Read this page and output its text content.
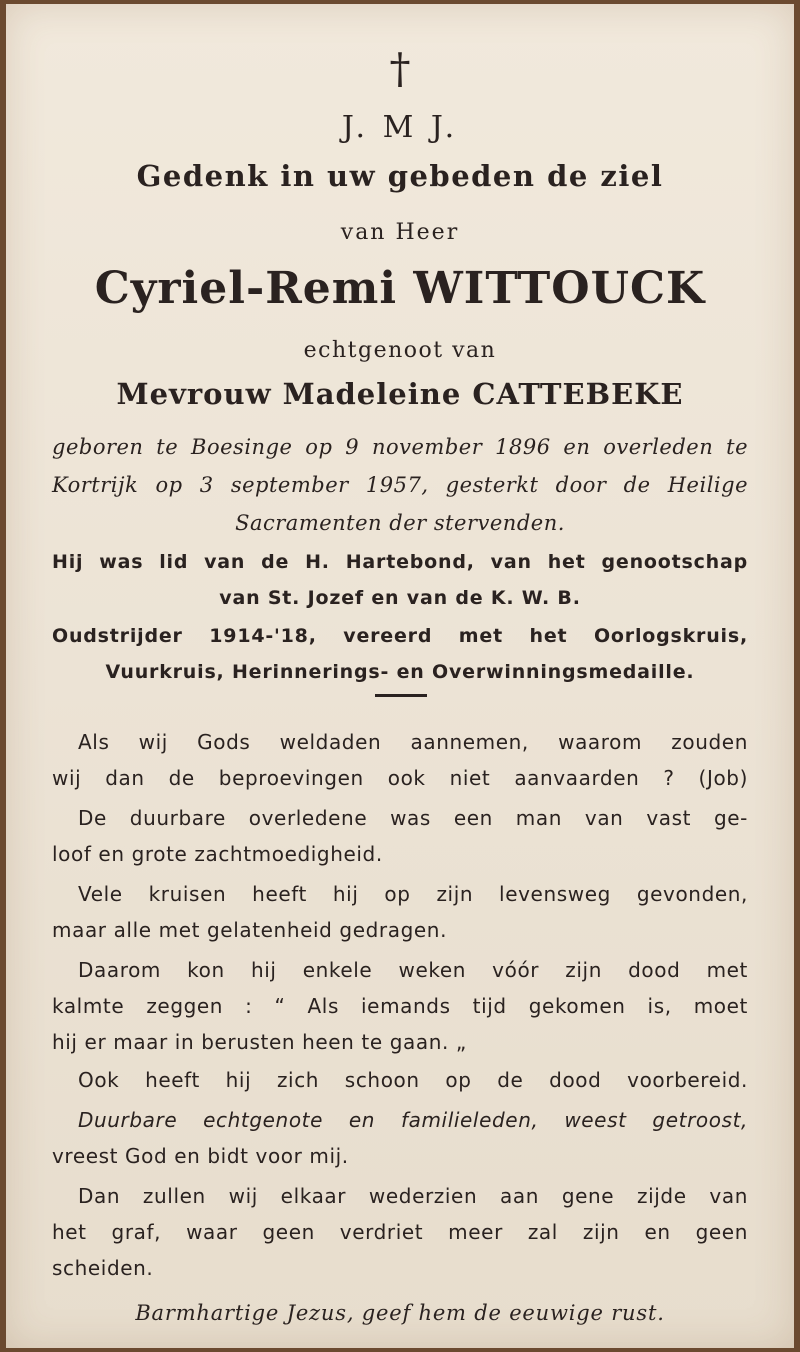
†
J. M J.
Gedenk in uw gebeden de ziel
van Heer
Cyriel-Remi WITTOUCK
echtgenoot van
Mevrouw Madeleine CATTEBEKE
geboren te Boesinge op 9 november 1896 en overleden te
Kortrijk op 3 september 1957, gesterkt door de Heilige
Sacramenten der stervenden.
Hij was lid van de H. Hartebond, van het genootschap
van St. Jozef en van de K. W. B.
Oudstrijder 1914-'18, vereerd met het Oorlogskruis,
Vuurkruis, Herinnerings- en Overwinningsmedaille.
Als wij Gods weldaden aannemen, waarom zouden
wij dan de beproevingen ook niet aanvaarden ? (Job)
De duurbare overledene was een man van vast ge-
loof en grote zachtmoedigheid.
Vele kruisen heeft hij op zijn levensweg gevonden,
maar alle met gelatenheid gedragen.
Daarom kon hij enkele weken vóór zijn dood met
kalmte zeggen : “ Als iemands tijd gekomen is, moet
hij er maar in berusten heen te gaan. „
Ook heeft hij zich schoon op de dood voorbereid.
Duurbare echtgenote en familieleden, weest getroost,
vreest God en bidt voor mij.
Dan zullen wij elkaar wederzien aan gene zijde van
het graf, waar geen verdriet meer zal zijn en geen
scheiden.
Barmhartige Jezus, geef hem de eeuwige rust.
